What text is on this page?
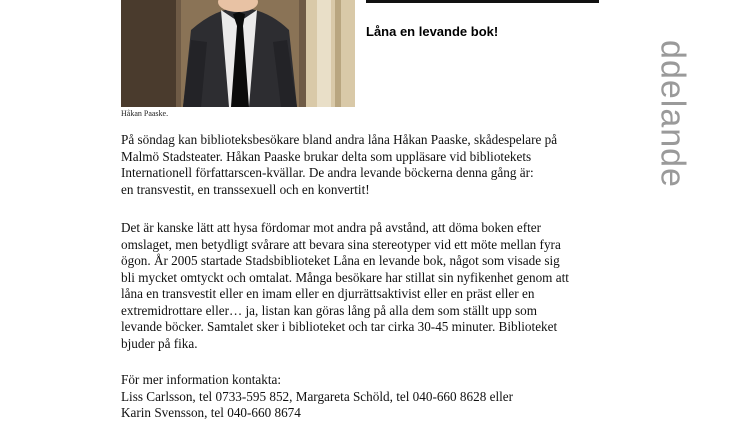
Håkan Paaske.
Låna en levande bok!
ddelande

På söndag kan biblioteksbesökare bland andra låna Håkan Paaske, skådespelare på
Malmö Stadsteater. Håkan Paaske brukar delta som uppläsare vid bibliotekets
Internationell författarscen-kvällar. De andra levande böckerna denna gång är:
en transvestit, en transsexuell och en konvertit!

Det är kanske lätt att hysa fördomar mot andra på avstånd, att döma boken efter
omslaget, men betydligt svårare att bevara sina stereotyper vid ett möte mellan fyra
ögon. År 2005 startade Stadsbiblioteket Låna en levande bok, något som visade sig
bli mycket omtyckt och omtalat. Många besökare har stillat sin nyfikenhet genom att
låna en transvestit eller en imam eller en djurrättsaktivist eller en präst eller en
extremidrottare eller… ja, listan kan göras lång på alla dem som ställt upp som
levande böcker. Samtalet sker i biblioteket och tar cirka 30-45 minuter. Biblioteket
bjuder på fika.

För mer information kontakta:
Liss Carlsson, tel 0733-595 852, Margareta Schöld, tel 040-660 8628 eller
Karin Svensson, tel 040-660 8674
